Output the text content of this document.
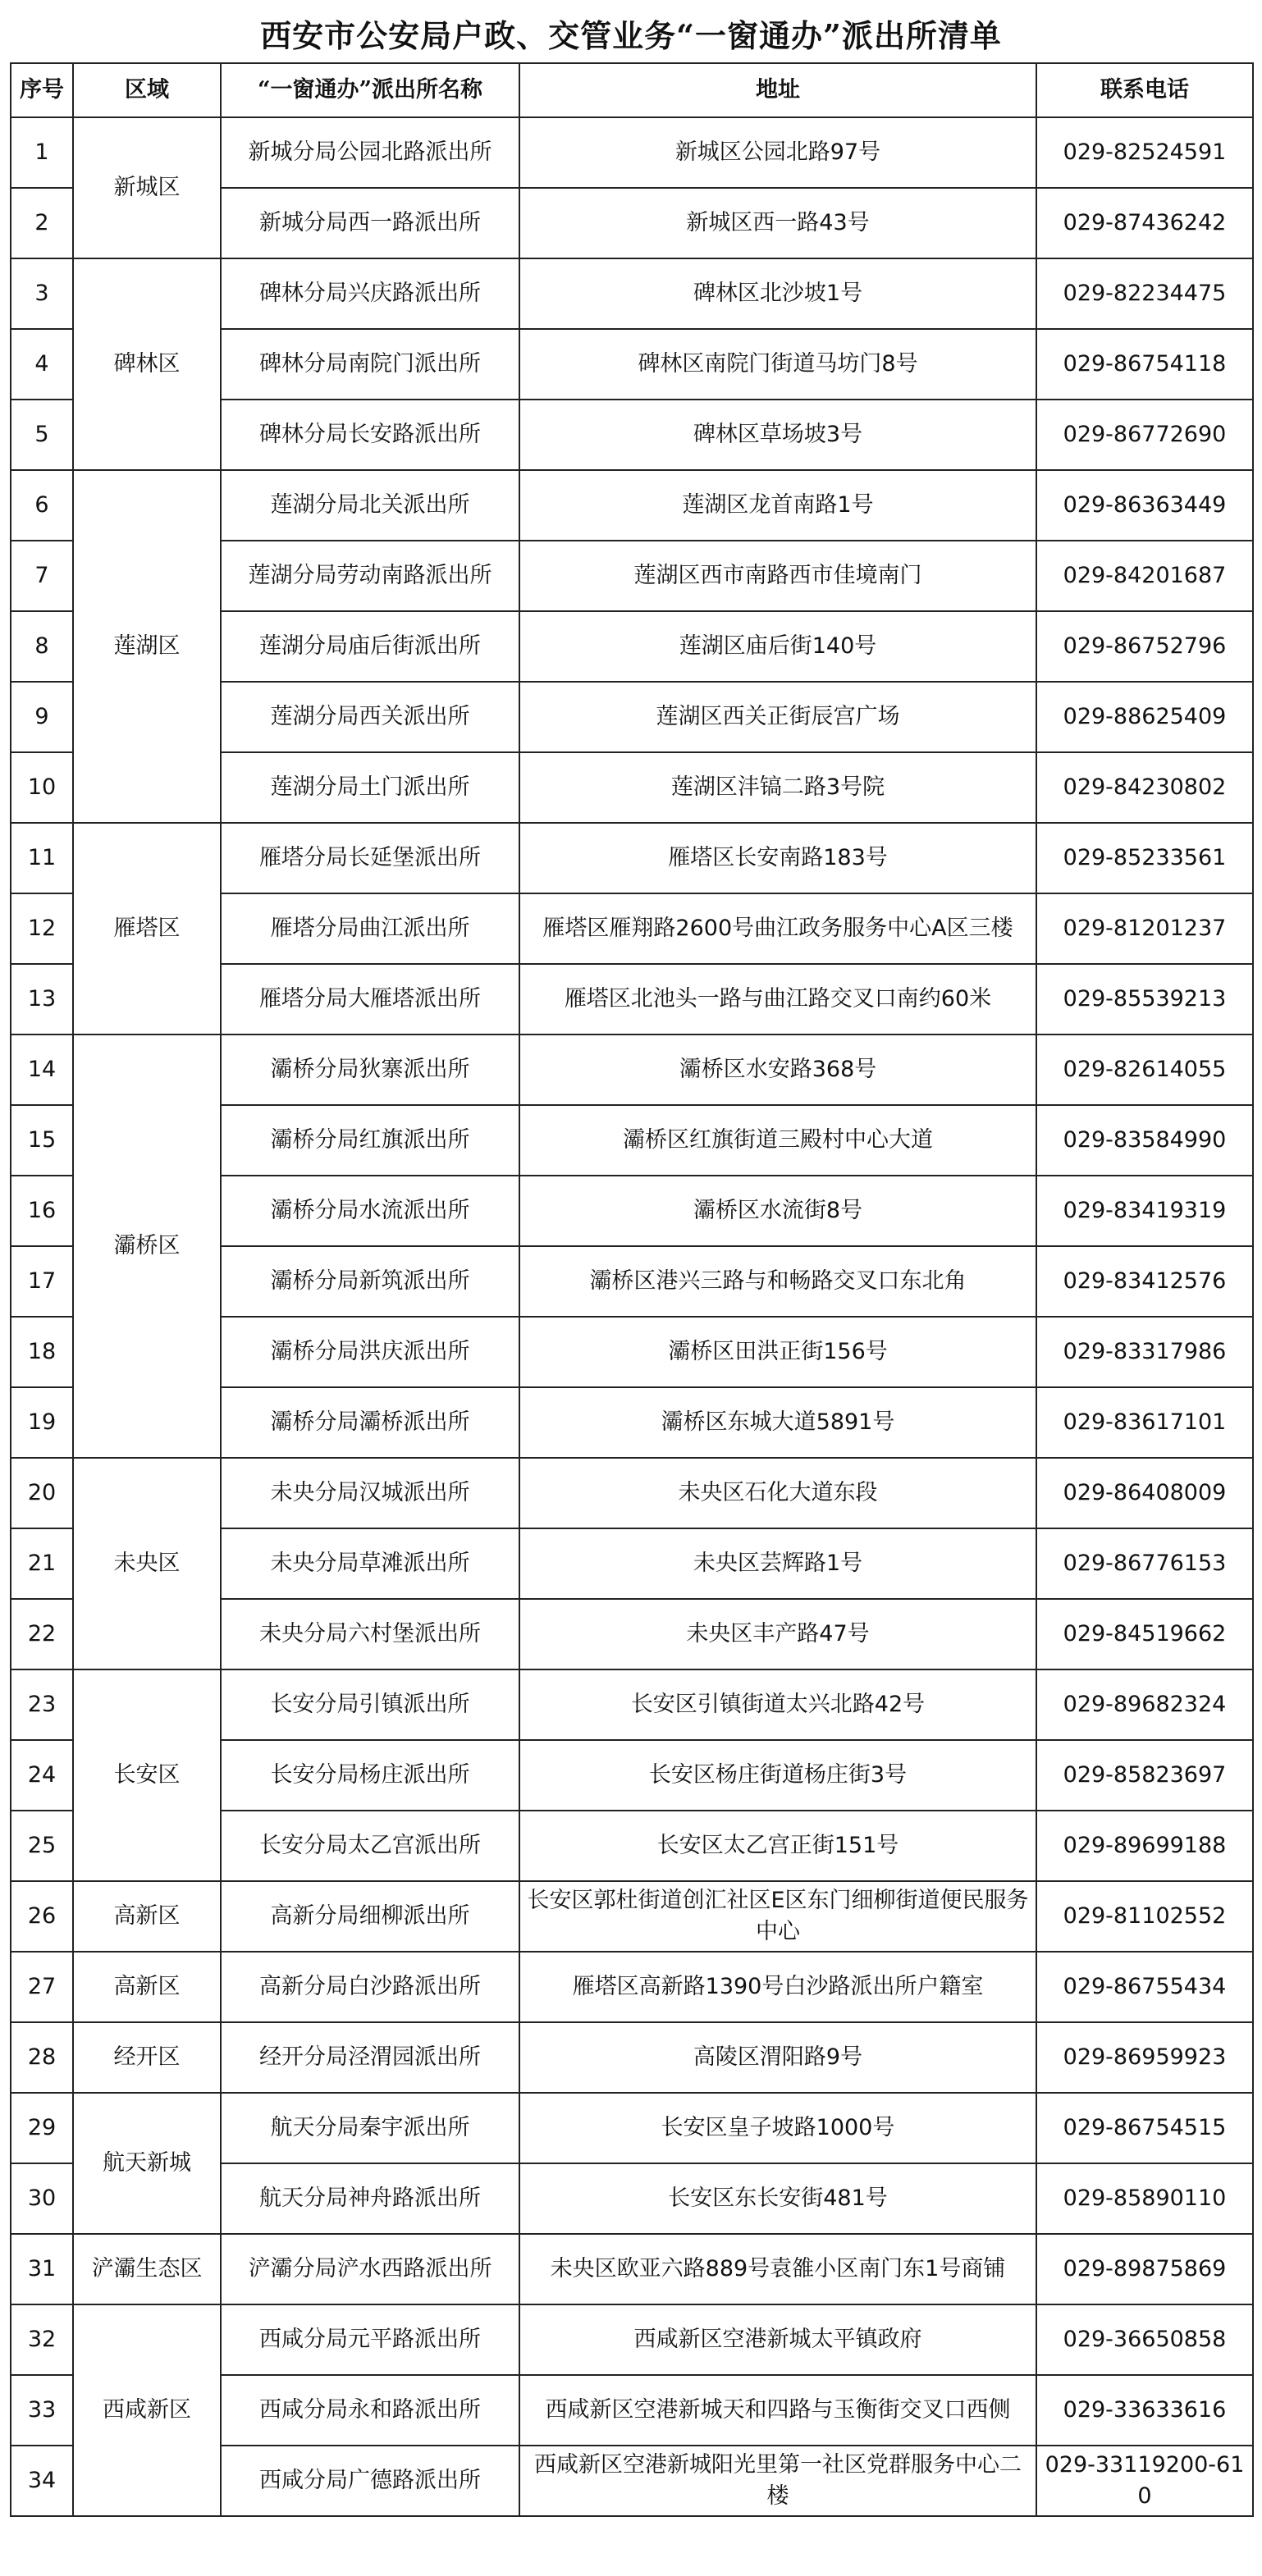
西安市公安局户政、交管业务“一窗通办”派出所清单
序号	区域	“一窗通办”派出所名称	地址	联系电话
1	新城区	新城分局公园北路派出所	新城区公园北路97号	029-82524591
2		新城分局西一路派出所	新城区西一路43号	029-87436242
3	碑林区	碑林分局兴庆路派出所	碑林区北沙坡1号	029-82234475
4		碑林分局南院门派出所	碑林区南院门街道马坊门8号	029-86754118
5		碑林分局长安路派出所	碑林区草场坡3号	029-86772690
6	莲湖区	莲湖分局北关派出所	莲湖区龙首南路1号	029-86363449
7		莲湖分局劳动南路派出所	莲湖区西市南路西市佳境南门	029-84201687
8		莲湖分局庙后街派出所	莲湖区庙后街140号	029-86752796
9		莲湖分局西关派出所	莲湖区西关正街辰宫广场	029-88625409
10		莲湖分局土门派出所	莲湖区沣镐二路3号院	029-84230802
11	雁塔区	雁塔分局长延堡派出所	雁塔区长安南路183号	029-85233561
12		雁塔分局曲江派出所	雁塔区雁翔路2600号曲江政务服务中心A区三楼	029-81201237
13		雁塔分局大雁塔派出所	雁塔区北池头一路与曲江路交叉口南约60米	029-85539213
14	灞桥区	灞桥分局狄寨派出所	灞桥区水安路368号	029-82614055
15		灞桥分局红旗派出所	灞桥区红旗街道三殿村中心大道	029-83584990
16		灞桥分局水流派出所	灞桥区水流街8号	029-83419319
17		灞桥分局新筑派出所	灞桥区港兴三路与和畅路交叉口东北角	029-83412576
18		灞桥分局洪庆派出所	灞桥区田洪正街156号	029-83317986
19		灞桥分局灞桥派出所	灞桥区东城大道5891号	029-83617101
20	未央区	未央分局汉城派出所	未央区石化大道东段	029-86408009
21		未央分局草滩派出所	未央区芸辉路1号	029-86776153
22		未央分局六村堡派出所	未央区丰产路47号	029-84519662
23	长安区	长安分局引镇派出所	长安区引镇街道太兴北路42号	029-89682324
24		长安分局杨庄派出所	长安区杨庄街道杨庄街3号	029-85823697
25		长安分局太乙宫派出所	长安区太乙宫正街151号	029-89699188
26	高新区	高新分局细柳派出所	长安区郭杜街道创汇社区E区东门细柳街道便民服务中心	029-81102552
27	高新区	高新分局白沙路派出所	雁塔区高新路1390号白沙路派出所户籍室	029-86755434
28	经开区	经开分局泾渭园派出所	高陵区渭阳路9号	029-86959923
29	航天新城	航天分局秦宇派出所	长安区皇子坡路1000号	029-86754515
30		航天分局神舟路派出所	长安区东长安街481号	029-85890110
31	浐灞生态区	浐灞分局浐水西路派出所	未央区欧亚六路889号袁雒小区南门东1号商铺	029-89875869
32	西咸新区	西咸分局元平路派出所	西咸新区空港新城太平镇政府	029-36650858
33		西咸分局永和路派出所	西咸新区空港新城天和四路与玉衡街交叉口西侧	029-33633616
34		西咸分局广德路派出所	西咸新区空港新城阳光里第一社区党群服务中心二楼	029-33119200-610
